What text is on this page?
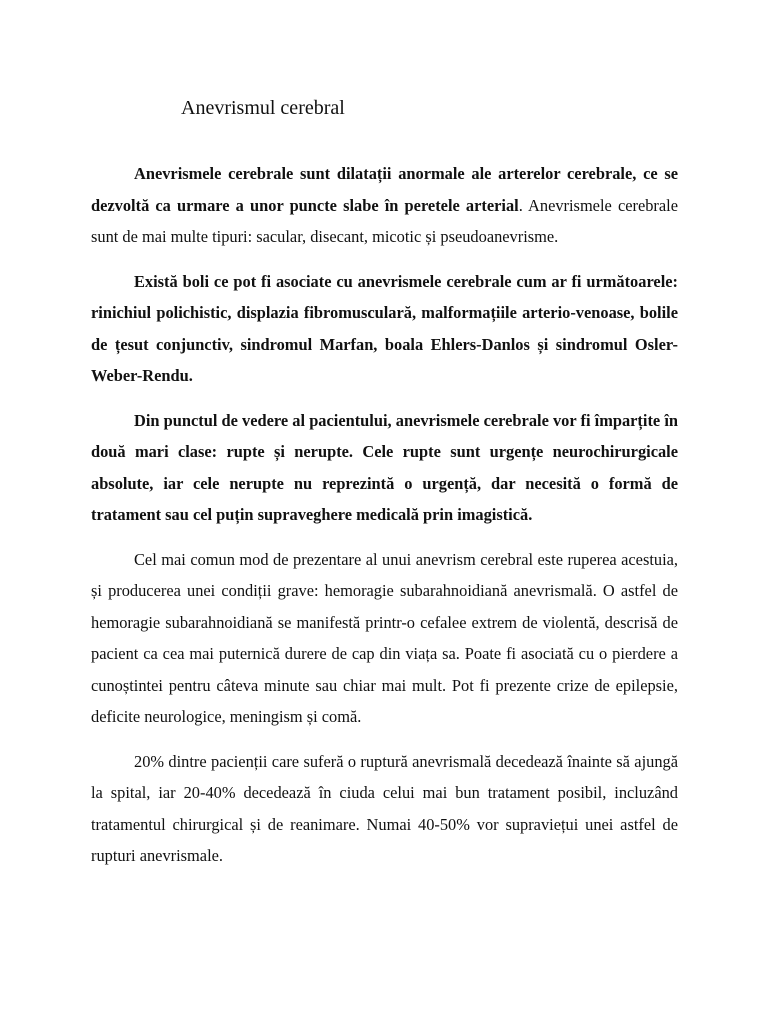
Anevrismul cerebral

Anevrismele cerebrale sunt dilatații anormale ale arterelor cerebrale, ce se dezvoltă ca urmare a unor puncte slabe în peretele arterial. Anevrismele cerebrale sunt de mai multe tipuri: sacular, disecant, micotic și pseudoanevrisme.

Există boli ce pot fi asociate cu anevrismele cerebrale cum ar fi următoarele: rinichiul polichistic, displazia fibromusculară, malformațiile arterio-venoase, bolile de țesut conjunctiv, sindromul Marfan, boala Ehlers-Danlos și sindromul Osler-Weber-Rendu.

Din punctul de vedere al pacientului, anevrismele cerebrale vor fi împarțite în două mari clase: rupte și nerupte. Cele rupte sunt urgențe neurochirurgicale absolute, iar cele nerupte nu reprezintă o urgență, dar necesită o formă de tratament sau cel puțin supraveghere medicală prin imagistică.

Cel mai comun mod de prezentare al unui anevrism cerebral este ruperea acestuia, și producerea unei condiții grave: hemoragie subarahnoidiană anevrismală. O astfel de hemoragie subarahnoidiană se manifestă printr-o cefalee extrem de violentă, descrisă de pacient ca cea mai puternică durere de cap din viața sa. Poate fi asociată cu o pierdere a cunoștintei pentru câteva minute sau chiar mai mult. Pot fi prezente crize de epilepsie, deficite neurologice, meningism și comă.

20% dintre pacienții care suferă o ruptură anevrismală decedează înainte să ajungă la spital, iar 20-40% decedează în ciuda celui mai bun tratament posibil, incluzând tratamentul chirurgical și de reanimare. Numai 40-50% vor supraviețui unei astfel de rupturi anevrismale.
